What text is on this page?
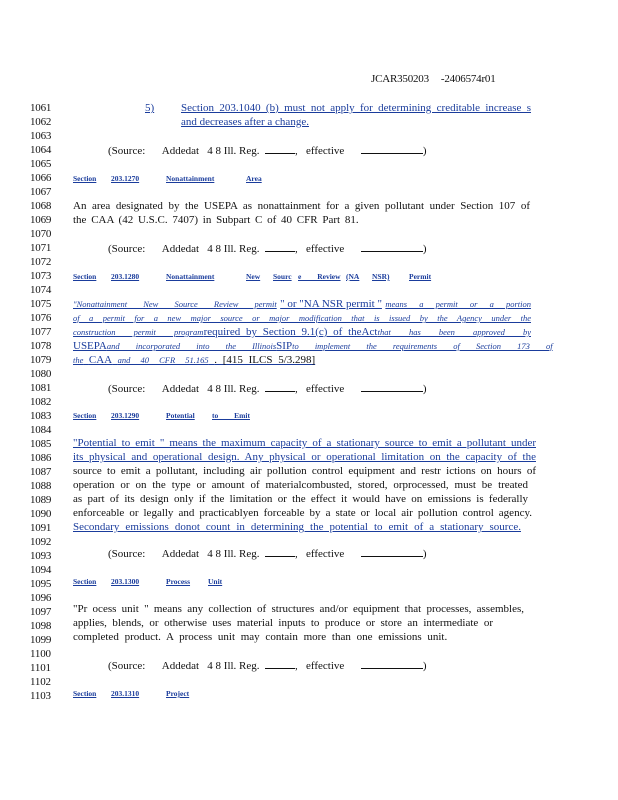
JCAR350203 -2406574r01
1061
1062
1063
1064
1065
1066
1067
1068
1069
1070
1071
1072
1073
1074
1075
1076
1077
1078
1079
1080
1081
1082
1083
1084
1085
1086
1087
1088
1089
1090
1091
1092
1093
1094
1095
1096
1097
1098
1099
1100
1101
1102
1103
5) Section 203.1040 (b) must not apply for determining creditable increase s
and decreases after a change.
(Source: Addedat 4 8 Ill. Reg.	, effective	)
Section 203.1270	Nonattainment	Area
An area designated by the USEPA as nonattainment for a given pollutant under Section 107 of
the CAA (42 U.S.C. 7407) in Subpart C of 40 CFR Part 81.
(Source: Addedat 4 8 Ill. Reg.	, effective	)
Section 203.1280	Nonattainment	New Sourc e Review (NA NSR)	Permit
"Nonattainment New Source Review permit " or "NA NSR permit " means a permit or a portion
of a permit for a new major source or major modification that is issued by the Agency under the
construction permit program required by Section 9.1(c) of theAct that has been approved by
USEPA and incorporated into the Illinois SIP to implement the requirements of Section 173 of
the CAA and 40 CFR 51.165 . [415 ILCS 5/3.298]
(Source: Addedat 4 8 Ill. Reg.	, effective	)
Section 203.1290	Potential to Emit
"Potential to emit " means the maximum capacity of a stationary source to emit a pollutant under
its physical and operational design. Any physical or operational limitation on the capacity of the
source to emit a pollutant, including air pollution control equipment and restr ictions on hours of
operation or on the type or amount of materialcombusted, stored, orprocessed, must be treated
as part of its design only if the limitation or the effect it would have on emissions is federally
enforceable or legally and practicablyen forceable by a state or local air pollution control agency.
Secondary emissions donot count in determining the potential to emit of a stationary source.
(Source: Addedat 4 8 Ill. Reg.	, effective	)
Section 203.1300	Process Unit
"Pr ocess unit " means any collection of structures and/or equipment that processes, assembles,
applies, blends, or otherwise uses material inputs to produce or store an intermediate or
completed product. A process unit may contain more than one emissions unit.
(Source: Addedat 4 8 Ill. Reg.	, effective	)
Section 203.1310	Project
